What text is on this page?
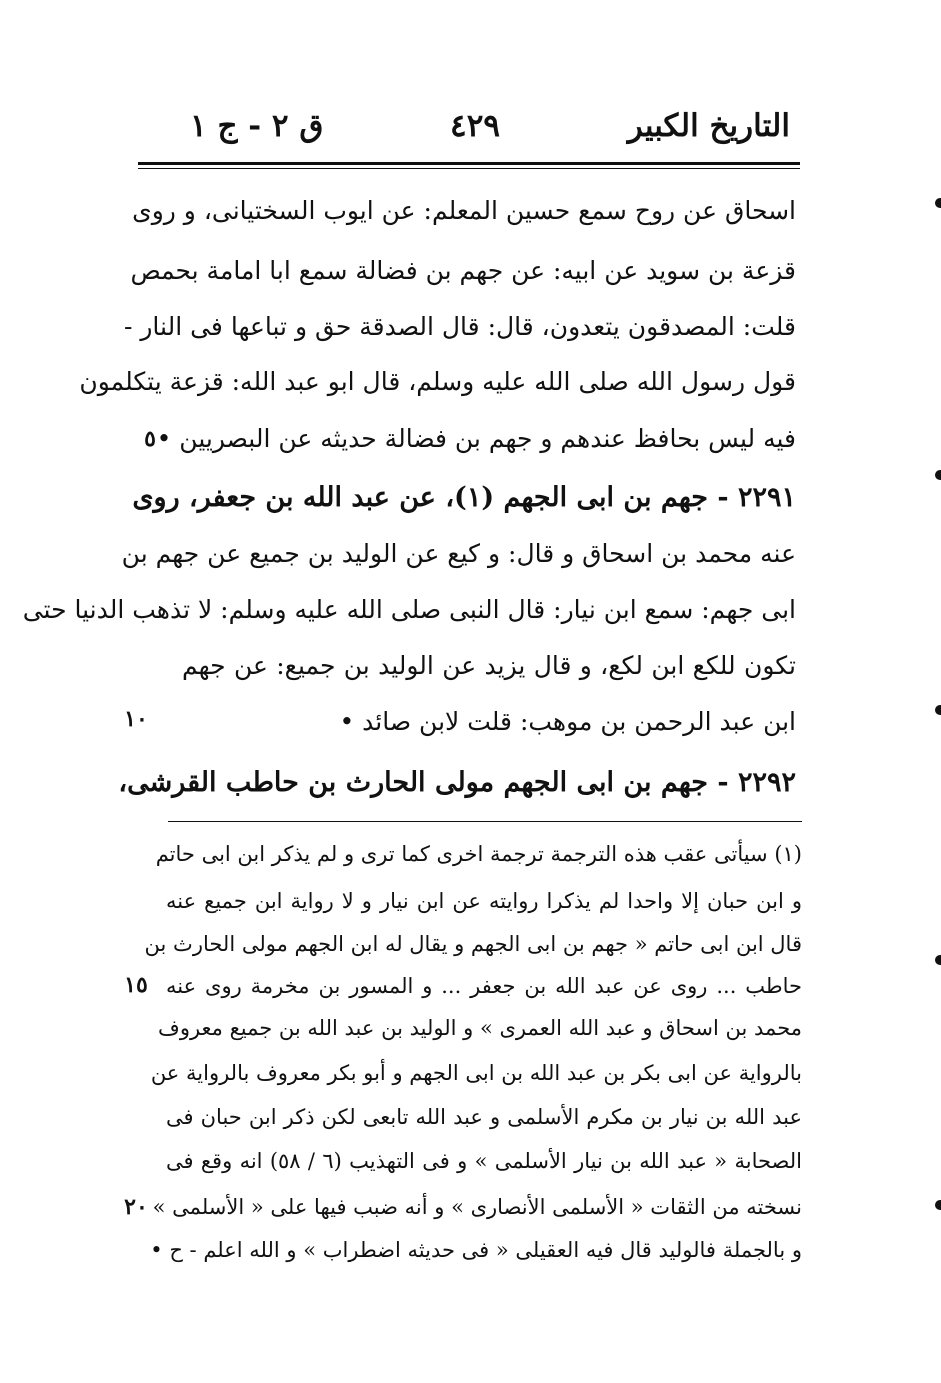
التاريخ الكبير
٤٢٩
ق ٢ - ج ١
اسحاق عن روح سمع حسين المعلم: عن ايوب السختيانى، و روى
قزعة بن سويد عن ابيه: عن جهم بن فضالة سمع ابا امامة بحمص
قلت: المصدقون يتعدون، قال: قال الصدقة حق و تباعها فى النار -
قول رسول الله صلى الله عليه وسلم، قال ابو عبد الله: قزعة يتكلمون
فيه ليس بحافظ عندهم و جهم بن فضالة حديثه عن البصريين •
٢٢٩١ - جهم بن ابى الجهم (١)، عن عبد الله بن جعفر، روى
عنه محمد بن اسحاق و قال: و كيع عن الوليد بن جميع عن جهم بن
ابى جهم: سمع ابن نيار: قال النبى صلى الله عليه وسلم: لا تذهب الدنيا حتى
تكون للكع ابن لكع، و قال يزيد عن الوليد بن جميع: عن جهم
ابن عبد الرحمن بن موهب: قلت لابن صائد •
٢٢٩٢ - جهم بن ابى الجهم مولى الحارث بن حاطب القرشى،
(١) سيأتى عقب هذه الترجمة ترجمة اخرى كما ترى و لم يذكر ابن ابى حاتم
و ابن حبان إلا واحدا لم يذكرا روايته عن ابن نيار و لا رواية ابن جميع عنه
قال ابن ابى حاتم « جهم بن ابى الجهم و يقال له ابن الجهم مولى الحارث بن
حاطب ... روى عن عبد الله بن جعفر ... و المسور بن مخرمة روى عنه
محمد بن اسحاق و عبد الله العمرى » و الوليد بن عبد الله بن جميع معروف
بالرواية عن ابى بكر بن عبد الله بن ابى الجهم و أبو بكر معروف بالرواية عن
عبد الله بن نيار بن مكرم الأسلمى و عبد الله تابعى لكن ذكر ابن حبان فى
الصحابة « عبد الله بن نيار الأسلمى » و فى التهذيب (٦ / ٥٨) انه وقع فى
نسخته من الثقات « الأسلمى الأنصارى » و أنه ضبب فيها على « الأسلمى »
و بالجملة فالوليد قال فيه العقيلى « فى حديثه اضطراب » و الله اعلم - ح •
٥
١٠
١٥
٢٠
